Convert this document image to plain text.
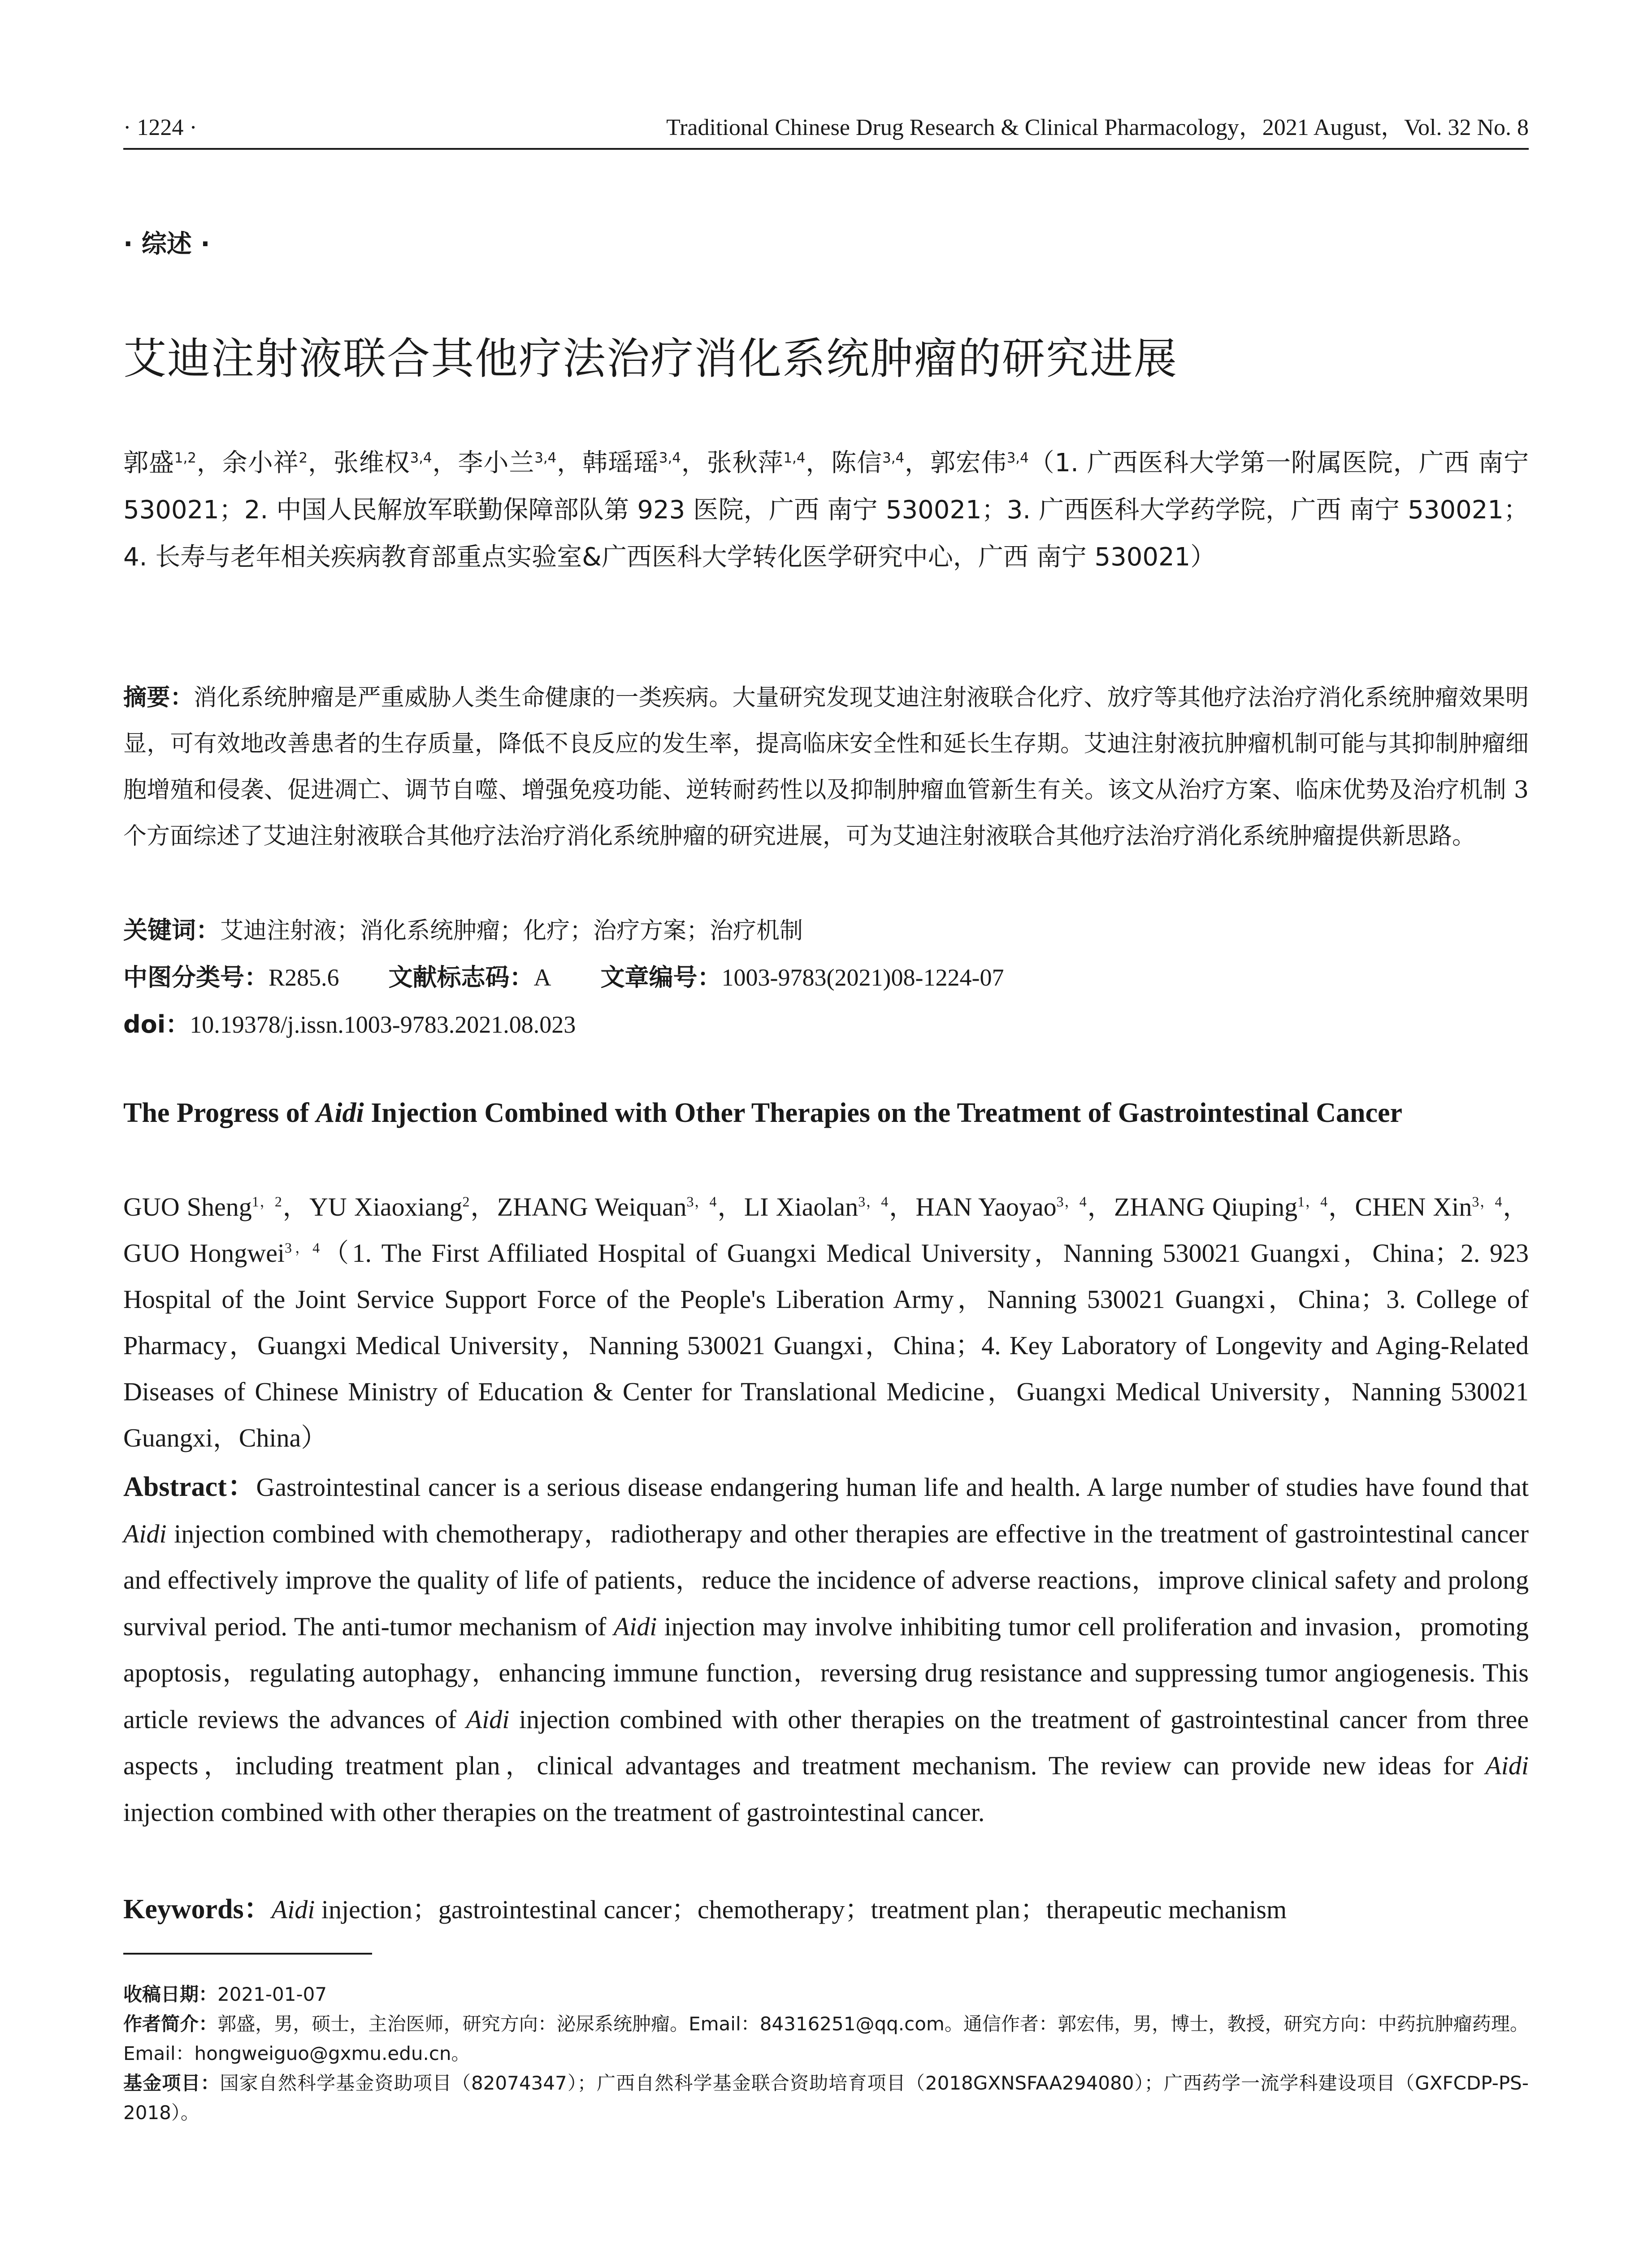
· 1224 ·	Traditional Chinese Drug Research & Clinical Pharmacology，2021 August，Vol. 32 No. 8
· 综述 ·
艾迪注射液联合其他疗法治疗消化系统肿瘤的研究进展
郭盛$^{1,2}$，余小祥$^2$，张维权$^{3,4}$，李小兰$^{3,4}$，韩瑶瑶$^{3,4}$，张秋萍$^{1,4}$，陈信$^{3,4}$，郭宏伟$^{3,4}$（1. 广西医科大学第一附属医院，广西 南宁 530021；2. 中国人民解放军联勤保障部队第 923 医院，广西 南宁 530021；3. 广西医科大学药学院，广西 南宁 530021；4. 长寿与老年相关疾病教育部重点实验室&广西医科大学转化医学研究中心，广西 南宁 530021）
摘要：消化系统肿瘤是严重威胁人类生命健康的一类疾病。大量研究发现艾迪注射液联合化疗、放疗等其他疗法治疗消化系统肿瘤效果明显，可有效地改善患者的生存质量，降低不良反应的发生率，提高临床安全性和延长生存期。艾迪注射液抗肿瘤机制可能与其抑制肿瘤细胞增殖和侵袭、促进凋亡、调节自噬、增强免疫功能、逆转耐药性以及抑制肿瘤血管新生有关。该文从治疗方案、临床优势及治疗机制 3 个方面综述了艾迪注射液联合其他疗法治疗消化系统肿瘤的研究进展，可为艾迪注射液联合其他疗法治疗消化系统肿瘤提供新思路。
关键词：艾迪注射液；消化系统肿瘤；化疗；治疗方案；治疗机制
中图分类号：R285.6 文献标志码：A 文章编号：1003-9783(2021)08-1224-07
doi：10.19378/j.issn.1003-9783.2021.08.023
The Progress of Aidi Injection Combined with Other Therapies on the Treatment of Gastrointestinal Cancer
GUO Sheng$^{1,2}$，YU Xiaoxiang$^2$，ZHANG Weiquan$^{3,4}$，LI Xiaolan$^{3,4}$，HAN Yaoyao$^{3,4}$，ZHANG Qiuping$^{1,4}$，CHEN Xin$^{3,4}$，GUO Hongwei$^{3,4}$（1. The First Affiliated Hospital of Guangxi Medical University，Nanning 530021 Guangxi，China；2. 923 Hospital of the Joint Service Support Force of the People's Liberation Army，Nanning 530021 Guangxi，China；3. College of Pharmacy，Guangxi Medical University，Nanning 530021 Guangxi，China；4. Key Laboratory of Longevity and Aging-Related Diseases of Chinese Ministry of Education & Center for Translational Medicine，Guangxi Medical University，Nanning 530021 Guangxi，China）
Abstract：Gastrointestinal cancer is a serious disease endangering human life and health. A large number of studies have found that Aidi injection combined with chemotherapy，radiotherapy and other therapies are effective in the treatment of gastrointestinal cancer and effectively improve the quality of life of patients，reduce the incidence of adverse reactions，improve clinical safety and prolong survival period. The anti-tumor mechanism of Aidi injection may involve inhibiting tumor cell proliferation and invasion，promoting apoptosis，regulating autophagy，enhancing immune function，reversing drug resistance and suppressing tumor angiogenesis. This article reviews the advances of Aidi injection combined with other therapies on the treatment of gastrointestinal cancer from three aspects，including treatment plan，clinical advantages and treatment mechanism. The review can provide new ideas for Aidi injection combined with other therapies on the treatment of gastrointestinal cancer.
Keywords：Aidi injection；gastrointestinal cancer；chemotherapy；treatment plan；therapeutic mechanism

收稿日期：2021-01-07

作者简介：郭盛，男，硕士，主治医师，研究方向：泌尿系统肿瘤。Email：84316251@qq.com。通信作者：郭宏伟，男，博士，教授，研究方向：中药抗肿瘤药理。Email：hongweiguo@gxmu.edu.cn。

基金项目：国家自然科学基金资助项目（82074347）；广西自然科学基金联合资助培育项目（2018GXNSFAA294080）；广西药学一流学科建设项目（GXFCDP-PS-2018）。
